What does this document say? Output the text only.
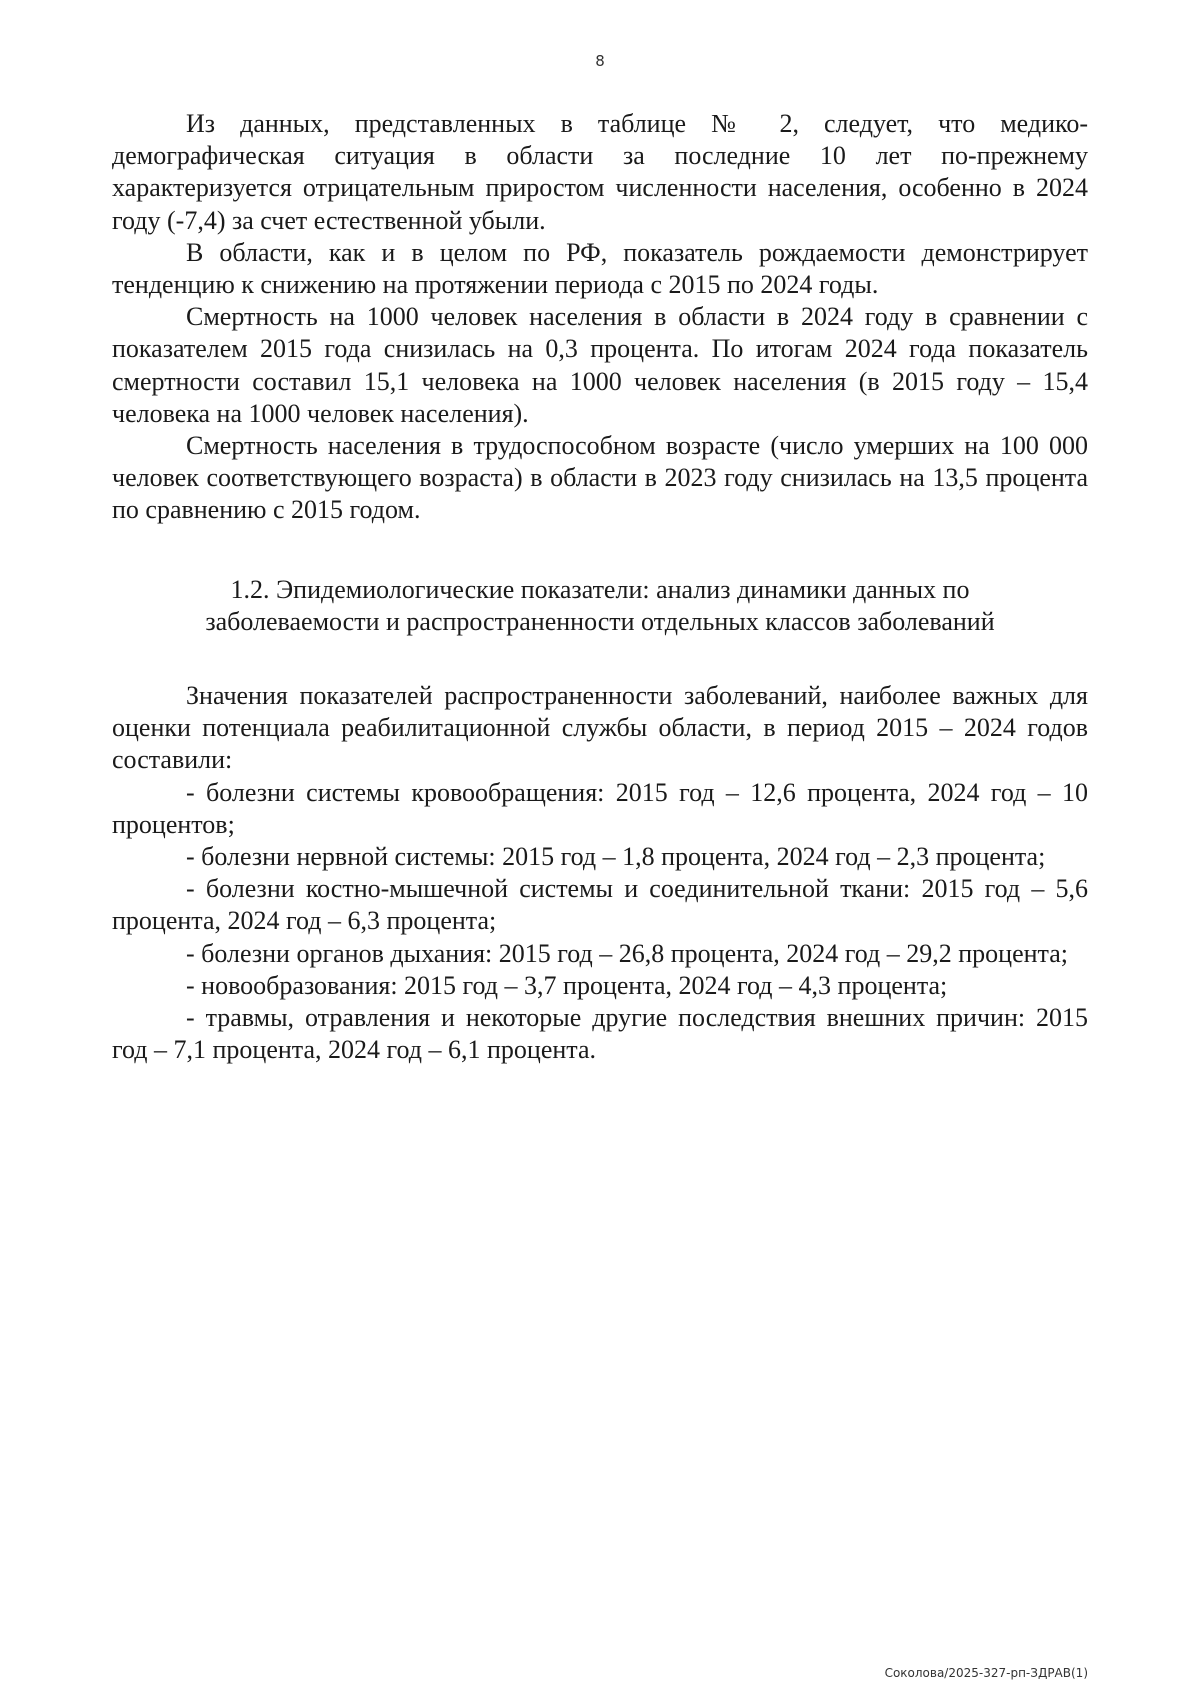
8

Из данных, представленных в таблице № 2, следует, что медико-демографическая ситуация в области за последние 10 лет по-прежнему характеризуется отрицательным приростом численности населения, особенно в 2024 году (-7,4) за счет естественной убыли.

В области, как и в целом по РФ, показатель рождаемости демонстрирует тенденцию к снижению на протяжении периода с 2015 по 2024 годы.

Смертность на 1000 человек населения в области в 2024 году в сравнении с показателем 2015 года снизилась на 0,3 процента. По итогам 2024 года показатель смертности составил 15,1 человека на 1000 человек населения (в 2015 году – 15,4 человека на 1000 человек населения).

Смертность населения в трудоспособном возрасте (число умерших на 100 000 человек соответствующего возраста) в области в 2023 году снизилась на 13,5 процента по сравнению с 2015 годом.

1.2. Эпидемиологические показатели: анализ динамики данных по
заболеваемости и распространенности отдельных классов заболеваний

Значения показателей распространенности заболеваний, наиболее важных для оценки потенциала реабилитационной службы области, в период 2015 – 2024 годов составили:

- болезни системы кровообращения: 2015 год – 12,6 процента, 2024 год – 10 процентов;

- болезни нервной системы: 2015 год – 1,8 процента, 2024 год – 2,3 процента;

- болезни костно-мышечной системы и соединительной ткани: 2015 год – 5,6 процента, 2024 год – 6,3 процента;

- болезни органов дыхания: 2015 год – 26,8 процента, 2024 год – 29,2 процента;

- новообразования: 2015 год – 3,7 процента, 2024 год – 4,3 процента;

- травмы, отравления и некоторые другие последствия внешних причин: 2015 год – 7,1 процента, 2024 год – 6,1 процента.

Соколова/2025-327-рп-ЗДРАВ(1)
